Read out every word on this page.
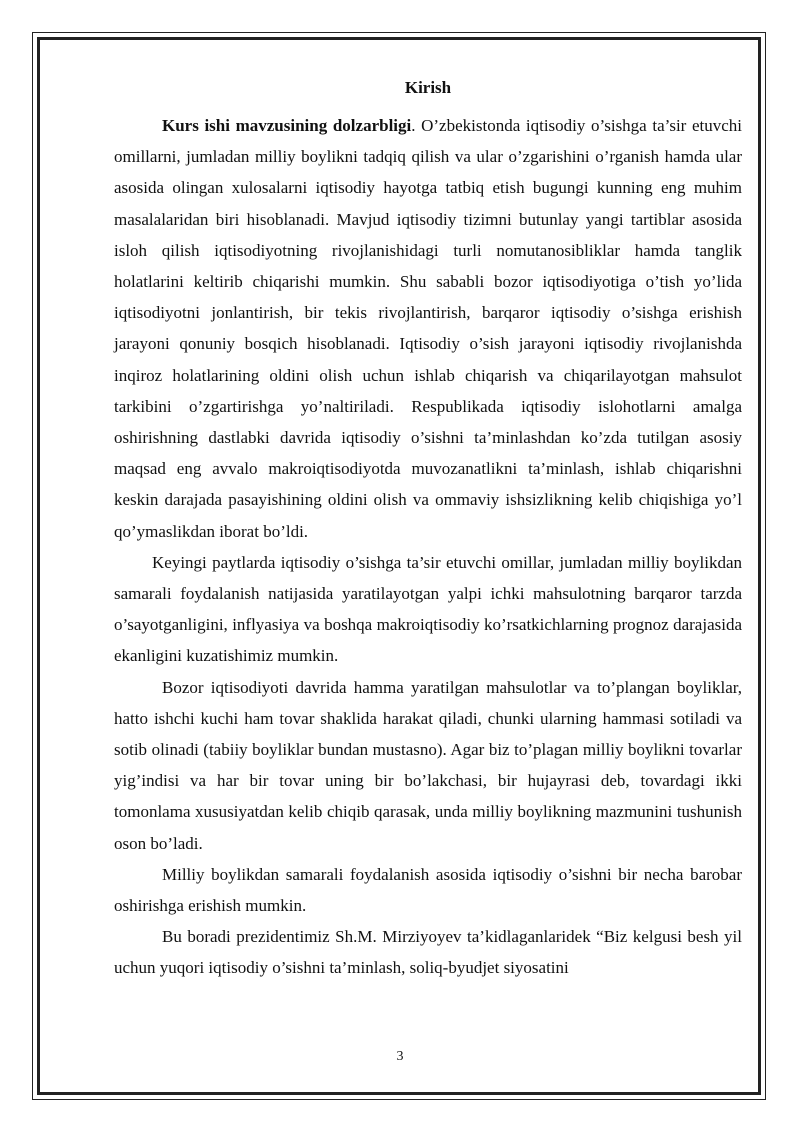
Kirish

Kurs ishi mavzusining dolzarbligi. O’zbekistonda iqtisodiy o’sishga ta’sir etuvchi omillarni, jumladan milliy boylikni tadqiq qilish va ular o’zgarishini o’rganish hamda ular asosida olingan xulosalarni iqtisodiy hayotga tatbiq etish bugungi kunning eng muhim masalalaridan biri hisoblanadi. Mavjud iqtisodiy tizimni butunlay yangi tartiblar asosida isloh qilish iqtisodiyotning rivojlanishidagi turli nomutanosibliklar hamda tanglik holatlarini keltirib chiqarishi mumkin. Shu sababli bozor iqtisodiyotiga o’tish yo’lida iqtisodiyotni jonlantirish, bir tekis rivojlantirish, barqaror iqtisodiy o’sishga erishish jarayoni qonuniy bosqich hisoblanadi. Iqtisodiy o’sish jarayoni iqtisodiy rivojlanishda inqiroz holatlarining oldini olish uchun ishlab chiqarish va chiqarilayotgan mahsulot tarkibini o’zgartirishga yo’naltiriladi. Respublikada iqtisodiy islohotlarni amalga oshirishning dastlabki davrida iqtisodiy o’sishni ta’minlashdan ko’zda tutilgan asosiy maqsad eng avvalo makroiqtisodiyotda muvozanatlikni ta’minlash, ishlab chiqarishni keskin darajada pasayishining oldini olish va ommaviy ishsizlikning kelib chiqishiga yo’l qo’ymaslikdan iborat bo’ldi.

Keyingi paytlarda iqtisodiy o’sishga ta’sir etuvchi omillar, jumladan milliy boylikdan samarali foydalanish natijasida yaratilayotgan yalpi ichki mahsulotning barqaror tarzda o’sayotganligini, inflyasiya va boshqa makroiqtisodiy ko’rsatkichlarning prognoz darajasida ekanligini kuzatishimiz mumkin.

Bozor iqtisodiyoti davrida hamma yaratilgan mahsulotlar va to’plangan boyliklar, hatto ishchi kuchi ham tovar shaklida harakat qiladi, chunki ularning hammasi sotiladi va sotib olinadi (tabiiy boyliklar bundan mustasno). Agar biz to’plagan milliy boylikni tovarlar yig’indisi va har bir tovar uning bir bo’lakchasi, bir hujayrasi deb, tovardagi ikki tomonlama xususiyatdan kelib chiqib qarasak, unda milliy boylikning mazmunini tushunish oson bo’ladi.

Milliy boylikdan samarali foydalanish asosida iqtisodiy o’sishni bir necha barobar oshirishga erishish mumkin.

Bu boradi prezidentimiz Sh.M. Mirziyoyev ta’kidlaganlaridek “Biz kelgusi besh yil uchun yuqori iqtisodiy o’sishni ta’minlash, soliq-byudjet siyosatini

3
